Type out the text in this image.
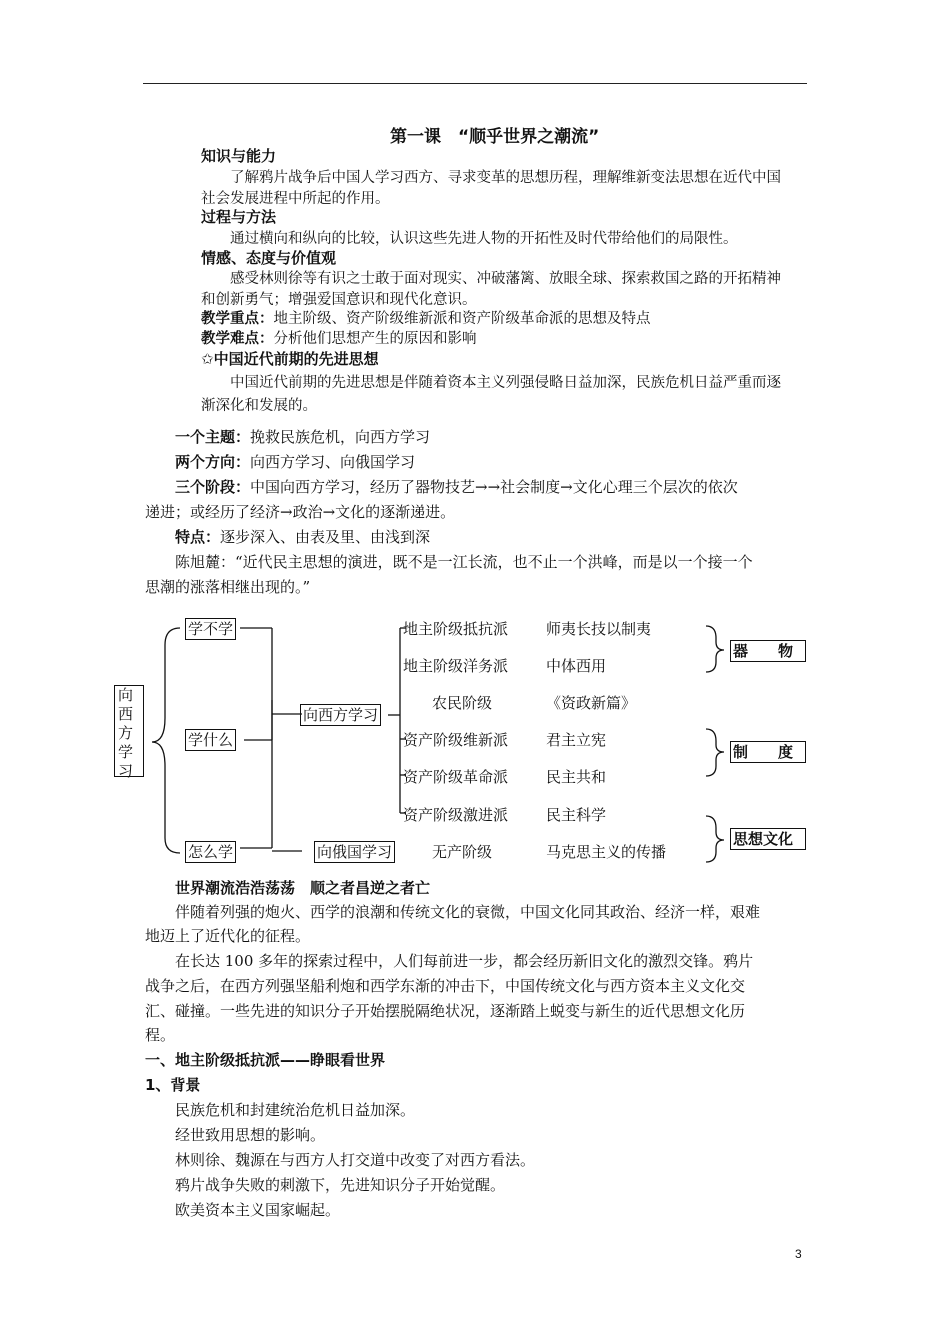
第一课　“顺乎世界之潮流”
知识与能力
了解鸦片战争后中国人学习西方、寻求变革的思想历程，理解维新变法思想在近代中国
社会发展进程中所起的作用。
过程与方法
通过横向和纵向的比较，认识这些先进人物的开拓性及时代带给他们的局限性。
情感、态度与价值观
感受林则徐等有识之士敢于面对现实、冲破藩篱、放眼全球、探索救国之路的开拓精神
和创新勇气；增强爱国意识和现代化意识。
教学重点：地主阶级、资产阶级维新派和资产阶级革命派的思想及特点
教学难点：分析他们思想产生的原因和影响
✩中国近代前期的先进思想
中国近代前期的先进思想是伴随着资本主义列强侵略日益加深，民族危机日益严重而逐
渐深化和发展的。
一个主题：挽救民族危机，向西方学习
两个方向：向西方学习、向俄国学习
三个阶段：中国向西方学习，经历了器物技艺→→社会制度→文化心理三个层次的依次
递进；或经历了经济→政治→文化的逐渐递进。
特点：逐步深入、由表及里、由浅到深
陈旭麓：“近代民主思想的演进，既不是一江长流，也不止一个洪峰，而是以一个接一个
思潮的涨落相继出现的。”
向西方学习
学不学
学什么
怎么学
向西方学习
向俄国学习
地主阶级抵抗派	师夷长技以制夷
地主阶级洋务派	中体西用
农民阶级	《资政新篇》
资产阶级维新派	君主立宪
资产阶级革命派	民主共和
资产阶级激进派	民主科学
无产阶级	马克思主义的传播
器　　物
制　　度
思想文化
世界潮流浩浩荡荡　顺之者昌逆之者亡
伴随着列强的炮火、西学的浪潮和传统文化的衰微，中国文化同其政治、经济一样，艰难
地迈上了近代化的征程。
在长达 100 多年的探索过程中，人们每前进一步，都会经历新旧文化的激烈交锋。鸦片
战争之后，在西方列强坚船利炮和西学东渐的冲击下，中国传统文化与西方资本主义文化交
汇、碰撞。一些先进的知识分子开始摆脱隔绝状况，逐渐踏上蜕变与新生的近代思想文化历
程。
一、地主阶级抵抗派——睁眼看世界
1、背景
民族危机和封建统治危机日益加深。
经世致用思想的影响。
林则徐、魏源在与西方人打交道中改变了对西方看法。
鸦片战争失败的刺激下，先进知识分子开始觉醒。
欧美资本主义国家崛起。
3
